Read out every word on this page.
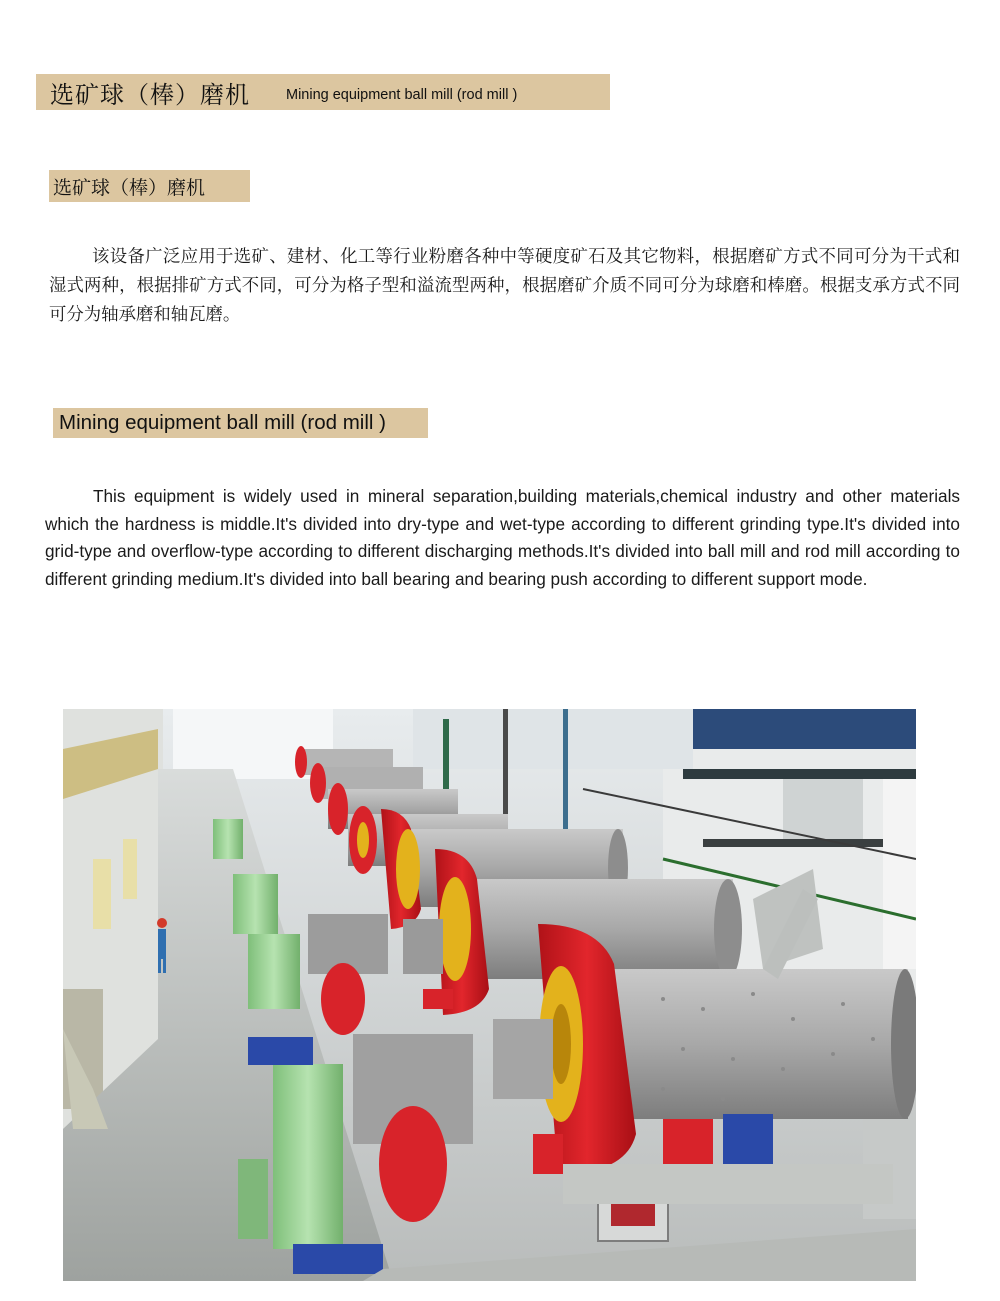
选矿球（棒）磨机 Mining equipment ball mill (rod mill )
选矿球（棒）磨机

该设备广泛应用于选矿、建材、化工等行业粉磨各种中等硬度矿石及其它物料，根据磨矿方式不同可分为干式和湿式两种，根据排矿方式不同，可分为格子型和溢流型两种，根据磨矿介质不同可分为球磨和棒磨。根据支承方式不同可分为轴承磨和轴瓦磨。

Mining equipment ball mill (rod mill )

This equipment is widely used in mineral separation,building materials,chemical industry and other materials which the hardness is middle.It's divided into dry-type and wet-type according to different grinding type.It's divided into grid-type and overflow-type according to different discharging methods.It's divided into ball mill and rod mill according to different grinding medium.It's divided into ball bearing and bearing push according to different support mode.
